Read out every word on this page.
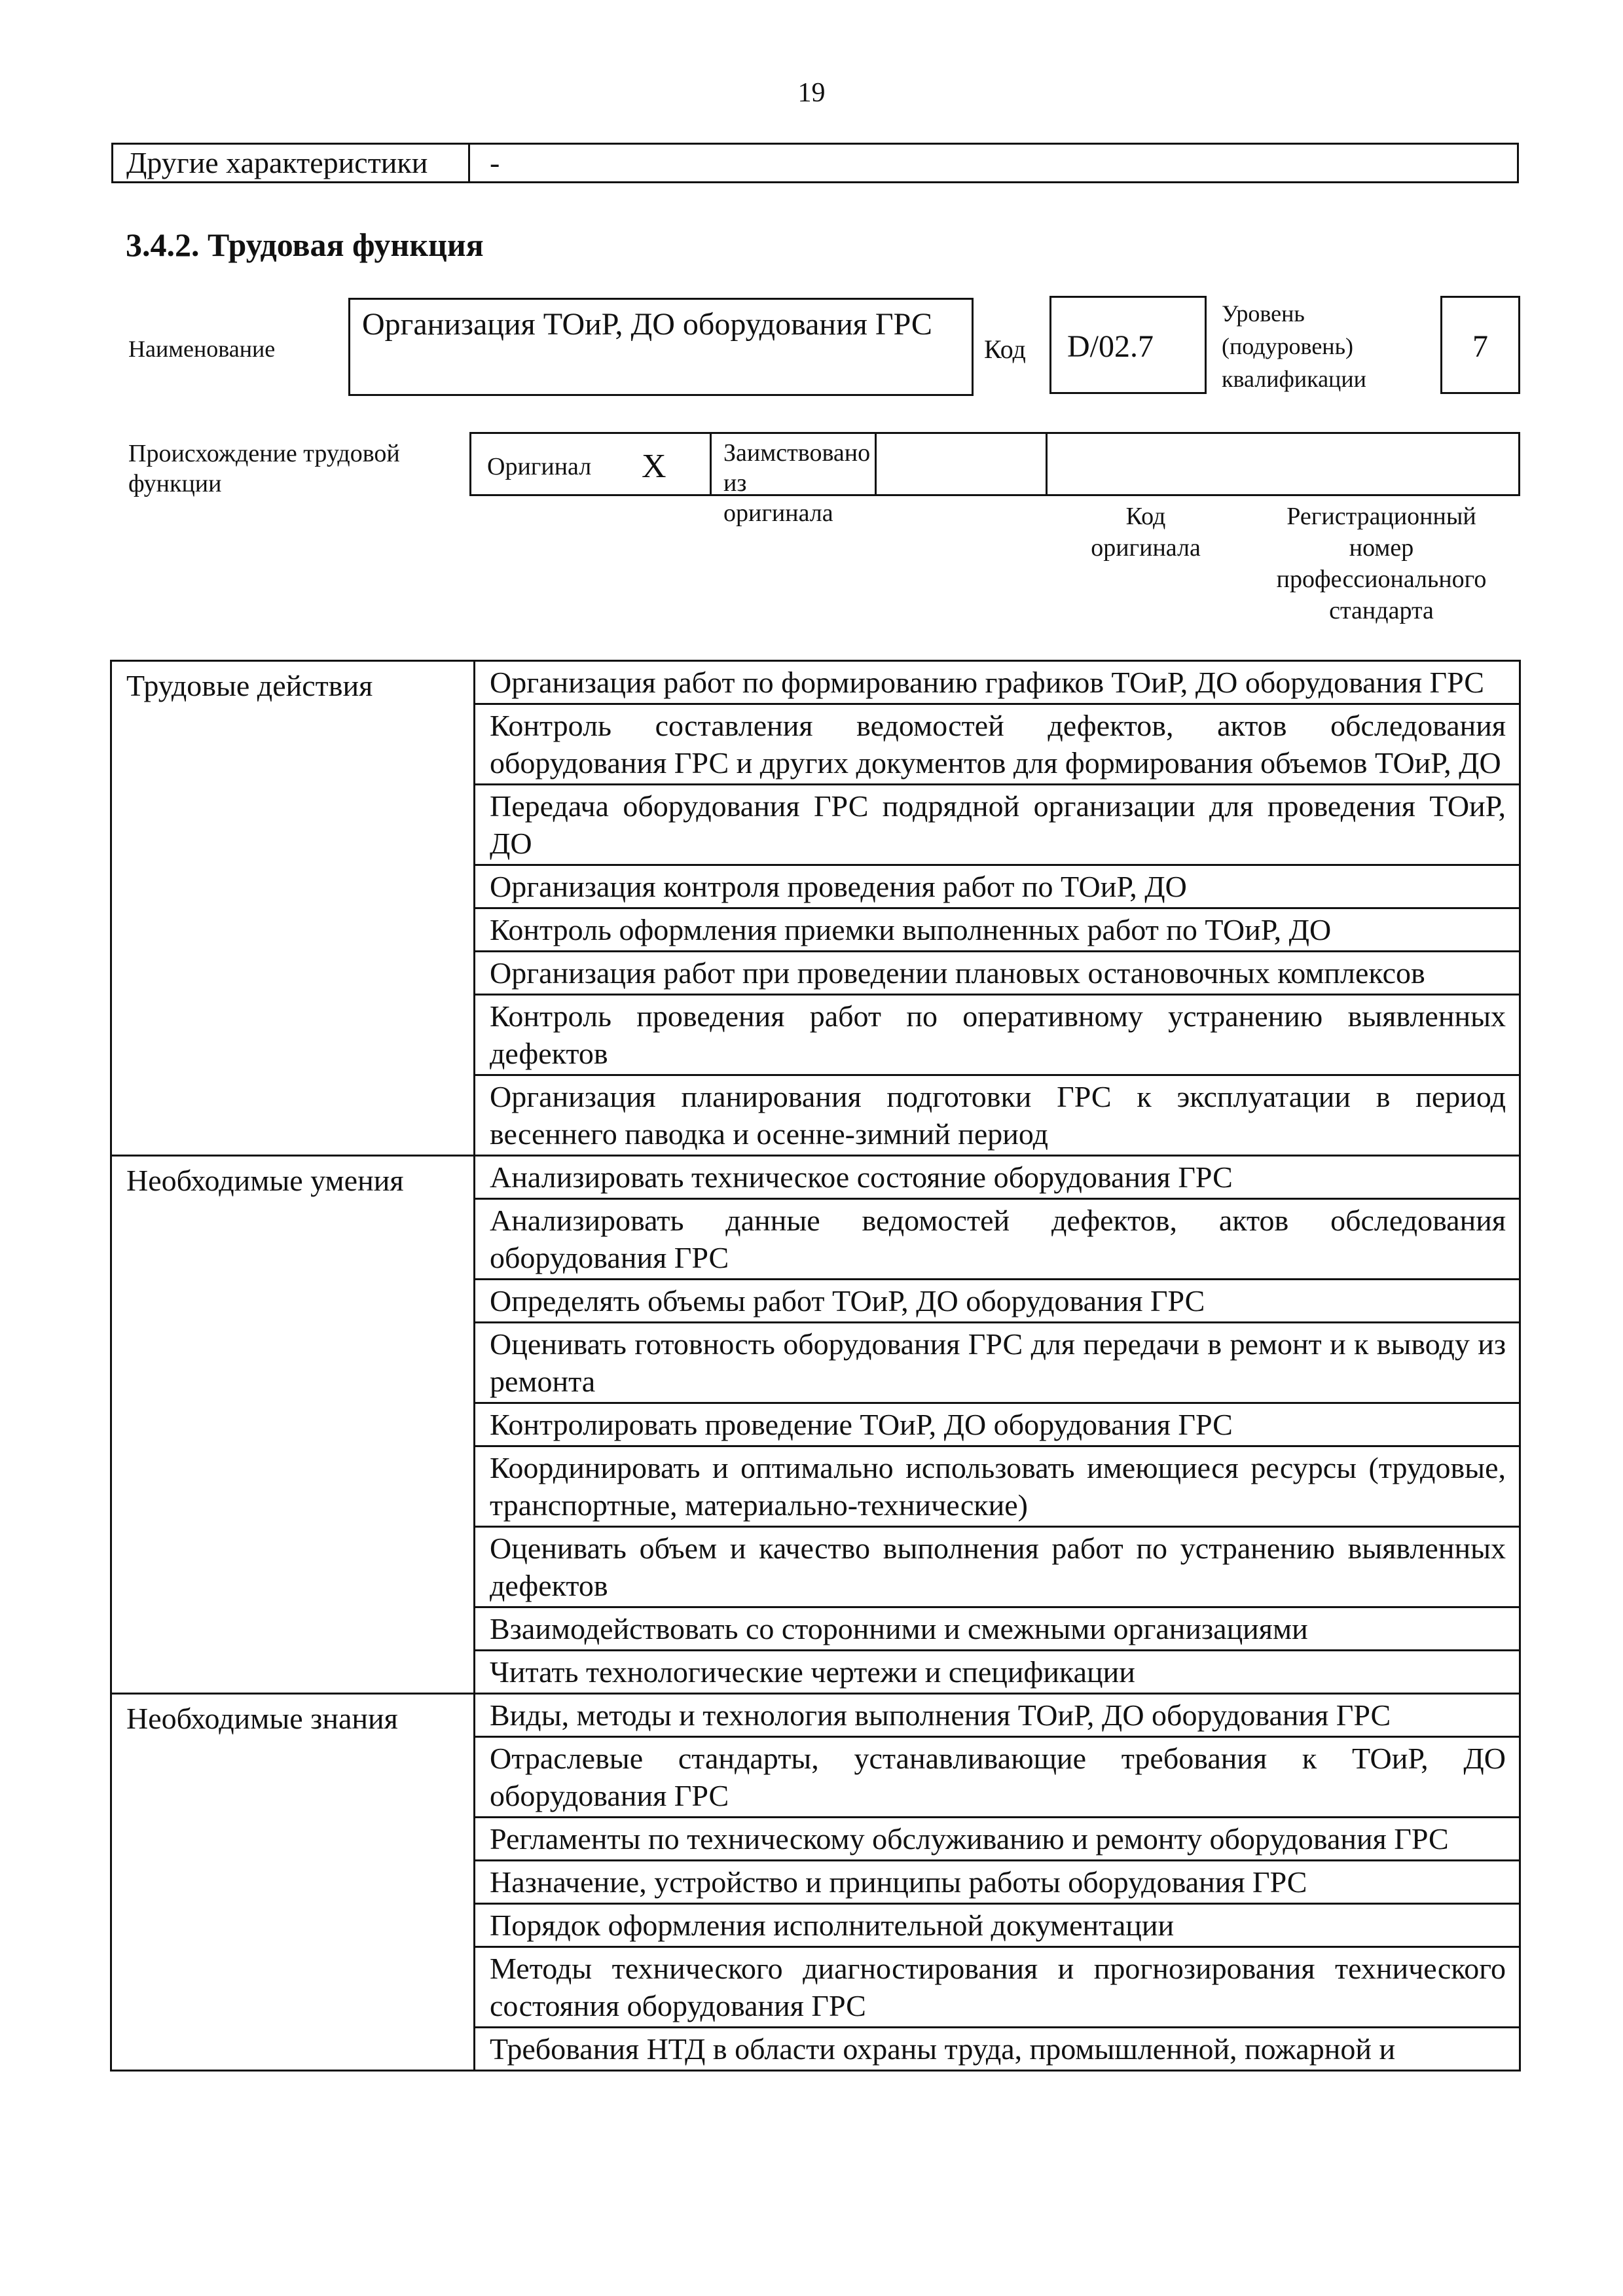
19
Другие характеристики	-
3.4.2. Трудовая функция
Наименование
Организация ТОиР, ДО оборудования ГРС
Код	D/02.7
Уровень
(подуровень)
квалификации
7
Происхождение трудовой
функции
Оригинал X Заимствовано из
оригинала	Код
оригинала
Регистрационный
номер
профессионального
стандарта
Трудовые действия	Организация работ по формированию графиков ТОиР, ДО оборудования ГРС
	Контроль составления ведомостей дефектов, актов обследования оборудования ГРС и других документов для формирования объемов ТОиР, ДО
	Передача оборудования ГРС подрядной организации для проведения ТОиР, ДО
	Организация контроля проведения работ по ТОиР, ДО
	Контроль оформления приемки выполненных работ по ТОиР, ДО
	Организация работ при проведении плановых остановочных комплексов
	Контроль проведения работ по оперативному устранению выявленных дефектов
	Организация планирования подготовки ГРС к эксплуатации в период весеннего паводка и осенне-зимний период
Необходимые умения	Анализировать техническое состояние оборудования ГРС
	Анализировать данные ведомостей дефектов, актов обследования оборудования ГРС
	Определять объемы работ ТОиР, ДО оборудования ГРС
	Оценивать готовность оборудования ГРС для передачи в ремонт и к выводу из ремонта
	Контролировать проведение ТОиР, ДО оборудования ГРС
	Координировать и оптимально использовать имеющиеся ресурсы (трудовые, транспортные, материально-технические)
	Оценивать объем и качество выполнения работ по устранению выявленных дефектов
	Взаимодействовать со сторонними и смежными организациями
	Читать технологические чертежи и спецификации
Необходимые знания	Виды, методы и технология выполнения ТОиР, ДО оборудования ГРС
	Отраслевые стандарты, устанавливающие требования к ТОиР, ДО оборудования ГРС
	Регламенты по техническому обслуживанию и ремонту оборудования ГРС
	Назначение, устройство и принципы работы оборудования ГРС
	Порядок оформления исполнительной документации
	Методы технического диагностирования и прогнозирования технического состояния оборудования ГРС
	Требования НТД в области охраны труда, промышленной, пожарной и
